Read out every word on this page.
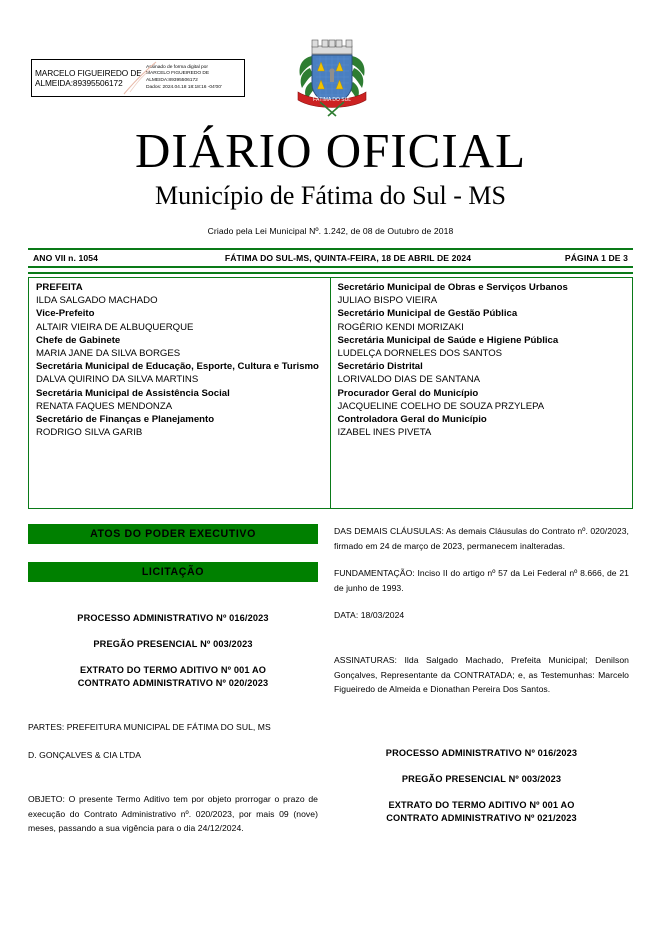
MARCELO FIGUEIREDO DE
ALMEIDA:89395506172
Assinado de forma digital por
MARCELO FIGUEIREDO DE
ALMEIDA:89395506172
Dados: 2024.04.18 18:18:16 -04'00'
FÁTIMA DO SUL
DIÁRIO OFICIAL
Município de Fátima do Sul - MS
Criado pela Lei Municipal Nº. 1.242, de 08 de Outubro de 2018
ANO VII n. 1054	FÁTIMA DO SUL-MS, QUINTA-FEIRA, 18 DE ABRIL DE 2024	PÁGINA 1 DE 3
PREFEITA
ILDA SALGADO MACHADO
Vice-Prefeito
ALTAIR VIEIRA DE ALBUQUERQUE
Chefe de Gabinete
MARIA JANE DA SILVA BORGES
Secretária Municipal de Educação, Esporte, Cultura e Turismo
DALVA QUIRINO DA SILVA MARTINS
Secretária Municipal de Assistência Social
RENATA FAQUES MENDONZA
Secretário de Finanças e Planejamento
RODRIGO SILVA GARIB
Secretário Municipal de Obras e Serviços Urbanos
JULIAO BISPO VIEIRA
Secretário Municipal de Gestão Pública
ROGÉRIO KENDI MORIZAKI
Secretária Municipal de Saúde e Higiene Pública
LUDELÇA DORNELES DOS SANTOS
Secretário Distrital
LORIVALDO DIAS DE SANTANA
Procurador Geral do Município
JACQUELINE COELHO DE SOUZA PRZYLEPA
Controladora Geral do Município
IZABEL INES PIVETA
ATOS DO PODER EXECUTIVO
LICITAÇÃO
PROCESSO ADMINISTRATIVO Nº 016/2023
PREGÃO PRESENCIAL Nº 003/2023
EXTRATO DO TERMO ADITIVO Nº 001 AO
CONTRATO ADMINISTRATIVO Nº 020/2023
PARTES: PREFEITURA MUNICIPAL DE FÁTIMA DO SUL, MS
D. GONÇALVES & CIA LTDA
OBJETO: O presente Termo Aditivo tem por objeto prorrogar o prazo de execução do Contrato Administrativo nº. 020/2023, por mais 09 (nove) meses, passando a sua vigência para o dia 24/12/2024.
DAS DEMAIS CLÁUSULAS: As demais Cláusulas do Contrato nº. 020/2023, firmado em 24 de março de 2023, permanecem inalteradas.
FUNDAMENTAÇÃO: Inciso II do artigo nº 57 da Lei Federal nº 8.666, de 21 de junho de 1993.
DATA: 18/03/2024
ASSINATURAS: Ilda Salgado Machado, Prefeita Municipal; Denilson Gonçalves, Representante da CONTRATADA; e, as Testemunhas: Marcelo Figueiredo de Almeida e Dionathan Pereira Dos Santos.
PROCESSO ADMINISTRATIVO Nº 016/2023
PREGÃO PRESENCIAL Nº 003/2023
EXTRATO DO TERMO ADITIVO Nº 001 AO
CONTRATO ADMINISTRATIVO Nº 021/2023
